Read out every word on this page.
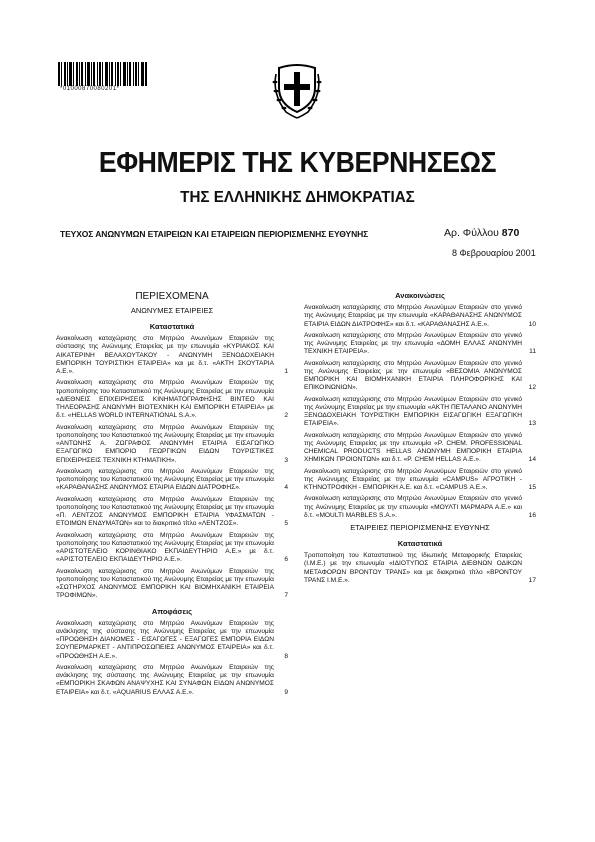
*01000870080201*
ΕΦΗΜΕΡΙΣ ΤΗΣ ΚΥΒΕΡΝΗΣΕΩΣ
ΤΗΣ ΕΛΛΗΝΙΚΗΣ ΔΗΜΟΚΡΑΤΙΑΣ
ΤΕΥΧΟΣ ΑΝΩΝΥΜΩΝ ΕΤΑΙΡΕΙΩΝ ΚΑΙ ΕΤΑΙΡΕΙΩΝ ΠΕΡΙΟΡΙΣΜΕΝΗΣ ΕΥΘΥΝΗΣ	Αρ. Φύλλου 870
8 Φεβρουαρίου 2001
ΠΕΡΙΕΧΟΜΕΝΑ
ΑΝΩΝΥΜΕΣ ΕΤΑΙΡΕΙΕΣ
Καταστατικά
Ανακοίνωση καταχώρισης στο Μητρώο Ανωνύμων Εταιρειών της σύστασης της Ανώνυμης Εταιρείας με την επωνυμία «ΚΥΡΙΑΚΟΣ ΚΑΙ ΑΙΚΑΤΕΡΙΝΗ ΒΕΛΑΧΟΥΤΑΚΟΥ - ΑΝΩΝΥΜΗ ΞΕΝΟΔΟΧΕΙΑΚΗ ΕΜΠΟΡΙΚΗ ΤΟΥΡΙΣΤΙΚΗ ΕΤΑΙΡΕΙΑ» και με δ.τ. «ΑΚΤΗ ΣΚΟΥΤΑΡΙΑ Α.Ε.».	1
Ανακοίνωση καταχώρισης στο Μητρώο Ανωνύμων Εταιρειών της τροποποίησης του Καταστατικού της Ανώνυμης Εταιρείας με την επωνυμία «ΔΙΕΘΝΕΙΣ ΕΠΙΧΕΙΡΗΣΕΙΣ ΚΙΝΗΜΑΤΟΓΡΑΦΗΣΗΣ ΒΙΝΤΕΟ ΚΑΙ ΤΗΛΕΟΡΑΣΗΣ ΑΝΩΝΥΜΗ ΒΙΟΤΕΧΝΙΚΗ ΚΑΙ ΕΜΠΟΡΙΚΗ ΕΤΑΙΡΕΙΑ» με δ.τ. «HELLAS WORLD INTERNATIONAL S.A.».	2
Ανακοίνωση καταχώρισης στο Μητρώο Ανωνύμων Εταιρειών της τροποποίησης του Καταστατικού της Ανώνυμης Εταιρείας με την επωνυμία «ΑΝΤΩΝΗΣ Α. ΖΩΓΡΑΦΟΣ ΑΝΩΝΥΜΗ ΕΤΑΙΡΙΑ ΕΙΣΑΓΩΓΙΚΟ ΕΞΑΓΩΓΙΚΟ ΕΜΠΟΡΙΟ ΓΕΩΡΓΙΚΩΝ ΕΙΔΩΝ ΤΟΥΡΙΣΤΙΚΕΣ ΕΠΙΧΕΙΡΗΣΕΙΣ ΤΕΧΝΙΚΗ ΚΤΗΜΑΤΙΚΗ».	3
Ανακοίνωση καταχώρισης στο Μητρώο Ανωνύμων Εταιρειών της τροποποίησης του Καταστατικού της Ανώνυμης Εταιρείας με την επωνυμία «ΚΑΡΑΘΑΝΑΣΗΣ ΑΝΩΝΥΜΟΣ ΕΤΑΙΡΙΑ ΕΙΔΩΝ ΔΙΑΤΡΟΦΗΣ».	4
Ανακοίνωση καταχώρισης στο Μητρώο Ανωνύμων Εταιρειών της τροποποίησης του Καταστατικού της Ανώνυμης Εταιρείας με την επωνυμία «Π. ΛΕΝΤΖΟΣ ΑΝΩΝΥΜΟΣ ΕΜΠΟΡΙΚΗ ΕΤΑΙΡΙΑ ΥΦΑΣΜΑΤΩΝ - ΕΤΟΙΜΩΝ ΕΝΔΥΜΑΤΩΝ» και το διακριτικό τίτλο «ΛΕΝΤΖΟΣ».	5
Ανακοίνωση καταχώρισης στο Μητρώο Ανωνύμων Εταιρειών της τροποποίησης του Καταστατικού της Ανώνυμης Εταιρείας με την επωνυμία «ΑΡΙΣΤΟΤΕΛΕΙΟ ΚΟΡΙΝΘΙΑΚΟ ΕΚΠΑΙΔΕΥΤΗΡΙΟ Α.Ε.» με δ.τ. «ΑΡΙΣΤΟΤΕΛΕΙΟ ΕΚΠΑΙΔΕΥΤΗΡΙΟ Α.Ε.».	6
Ανακοίνωση καταχώρισης στο Μητρώο Ανωνύμων Εταιρειών της τροποποίησης του Καταστατικού της Ανώνυμης Εταιρείας με την επωνυμία «ΣΩΤΗΡΧΟΣ ΑΝΩΝΥΜΟΣ ΕΜΠΟΡΙΚΗ ΚΑΙ ΒΙΟΜΗΧΑΝΙΚΗ ΕΤΑΙΡΕΙΑ ΤΡΟΦΙΜΩΝ».	7
Αποφάσεις
Ανακοίνωση καταχώρισης στο Μητρώο Ανωνύμων Εταιρειών της ανάκλησης της σύστασης της Ανώνυμης Εταιρείας με την επωνυμία «ΠΡΟΩΘΗΣΗ ΔΙΑΝΟΜΕΣ - ΕΙΣΑΓΩΓΕΣ - ΕΞΑΓΩΓΕΣ ΕΜΠΟΡΙΑ ΕΙΔΩΝ ΣΟΥΠΕΡΜΑΡΚΕΤ - ΑΝΤΙΠΡΟΣΩΠΕΙΕΣ ΑΝΩΝΥΜΟΣ ΕΤΑΙΡΕΙΑ» και δ.τ. «ΠΡΟΩΘΗΣΗ Α.Ε.».	8
Ανακοίνωση καταχώρισης στο Μητρώο Ανωνύμων Εταιρειών της ανάκλησης της σύστασης της Ανώνυμης Εταιρείας με την επωνυμία «ΕΜΠΟΡΙΚΗ ΣΚΑΦΩΝ ΑΝΑΨΥΧΗΣ ΚΑΙ ΣΥΝΑΦΩΝ ΕΙΔΩΝ ΑΝΩΝΥΜΟΣ ΕΤΑΙΡΕΙΑ» και δ.τ. «AQUARIUS ΕΛΛΑΣ Α.Ε.».	9
Ανακοινώσεις
Ανακοίνωση καταχώρισης στο Μητρώο Ανωνύμων Εταιρειών στο γενικό της Ανώνυμης Εταιρείας με την επωνυμία «ΚΑΡΑΘΑΝΑΣΗΣ ΑΝΩΝΥΜΟΣ ΕΤΑΙΡΙΑ ΕΙΔΩΝ ΔΙΑΤΡΟΦΗΣ» και δ.τ. «ΚΑΡΑΘΑΝΑΣΗΣ Α.Ε.».	10
Ανακοίνωση καταχώρισης στο Μητρώο Ανωνύμων Εταιρειών στο γενικό της Ανώνυμης Εταιρείας με την επωνυμία «ΔΟΜΗ ΕΛΛΑΣ ΑΝΩΝΥΜΗ ΤΕΧΝΙΚΗ ΕΤΑΙΡΕΙΑ».	11
Ανακοίνωση καταχώρισης στο Μητρώο Ανωνύμων Εταιρειών στο γενικό της Ανώνυμης Εταιρείας με την επωνυμία «ΒΕΣΟΜΙΑ ΑΝΩΝΥΜΟΣ ΕΜΠΟΡΙΚΗ ΚΑΙ ΒΙΟΜΗΧΑΝΙΚΗ ΕΤΑΙΡΙΑ ΠΛΗΡΟΦΟΡΙΚΗΣ ΚΑΙ ΕΠΙΚΟΙΝΩΝΙΩΝ».	12
Ανακοίνωση καταχώρισης στο Μητρώο Ανωνύμων Εταιρειών στο γενικό της Ανώνυμης Εταιρείας με την επωνυμία «ΑΚΤΗ ΠΕΤΑΛΑΝΟ ΑΝΩΝΥΜΗ ΞΕΝΟΔΟΧΕΙΑΚΗ ΤΟΥΡΙΣΤΙΚΗ ΕΜΠΟΡΙΚΗ ΕΙΣΑΓΩΓΙΚΗ ΕΞΑΓΩΓΙΚΗ ΕΤΑΙΡΕΙΑ».	13
Ανακοίνωση καταχώρισης στο Μητρώο Ανωνύμων Εταιρειών στο γενικό της Ανώνυμης Εταιρείας με την επωνυμία «P. CHEM. PROFESSIONAL CHEMICAL PRODUCTS HELLAS ΑΝΩΝΥΜΗ ΕΜΠΟΡΙΚΗ ΕΤΑΙΡΙΑ ΧΗΜΙΚΩΝ ΠΡΟΙΟΝΤΩΝ» και δ.τ. «P. CHEM HELLAS Α.Ε.».	14
Ανακοίνωση καταχώρισης στο Μητρώο Ανωνύμων Εταιρειών στο γενικό της Ανώνυμης Εταιρείας με την επωνυμία «CAMPUS» ΑΓΡΟΤΙΚΗ - ΚΤΗΝΟΤΡΟΦΙΚΗ - ΕΜΠΟΡΙΚΗ Α.Ε. και δ.τ. «CAMPUS Α.Ε.».	15
Ανακοίνωση καταχώρισης στο Μητρώο Ανωνύμων Εταιρειών στο γενικό της Ανώνυμης Εταιρείας με την επωνυμία «ΜΟΥΛΤΙ ΜΑΡΜΑΡΑ Α.Ε.» και δ.τ. «MOULTI MARBLES S.A.».	16
ΕΤΑΙΡΕΙΕΣ ΠΕΡΙΟΡΙΣΜΕΝΗΣ ΕΥΘΥΝΗΣ
Καταστατικά
Τροποποίηση του Καταστατικού της Ιδιωτικής Μεταφορικής Εταιρείας (Ι.Μ.Ε.) με την επωνυμία «ΙΔΙΟΤΥΠΟΣ ΕΤΑΙΡΙΑ ΔΙΕΘΝΩΝ ΟΔΙΚΩΝ ΜΕΤΑΦΟΡΩΝ ΒΡΟΝΤΟΥ ΤΡΑΝΣ» και με διακριτικό τίτλο «ΒΡΟΝΤΟΥ ΤΡΑΝΣ Ι.Μ.Ε.».	17
